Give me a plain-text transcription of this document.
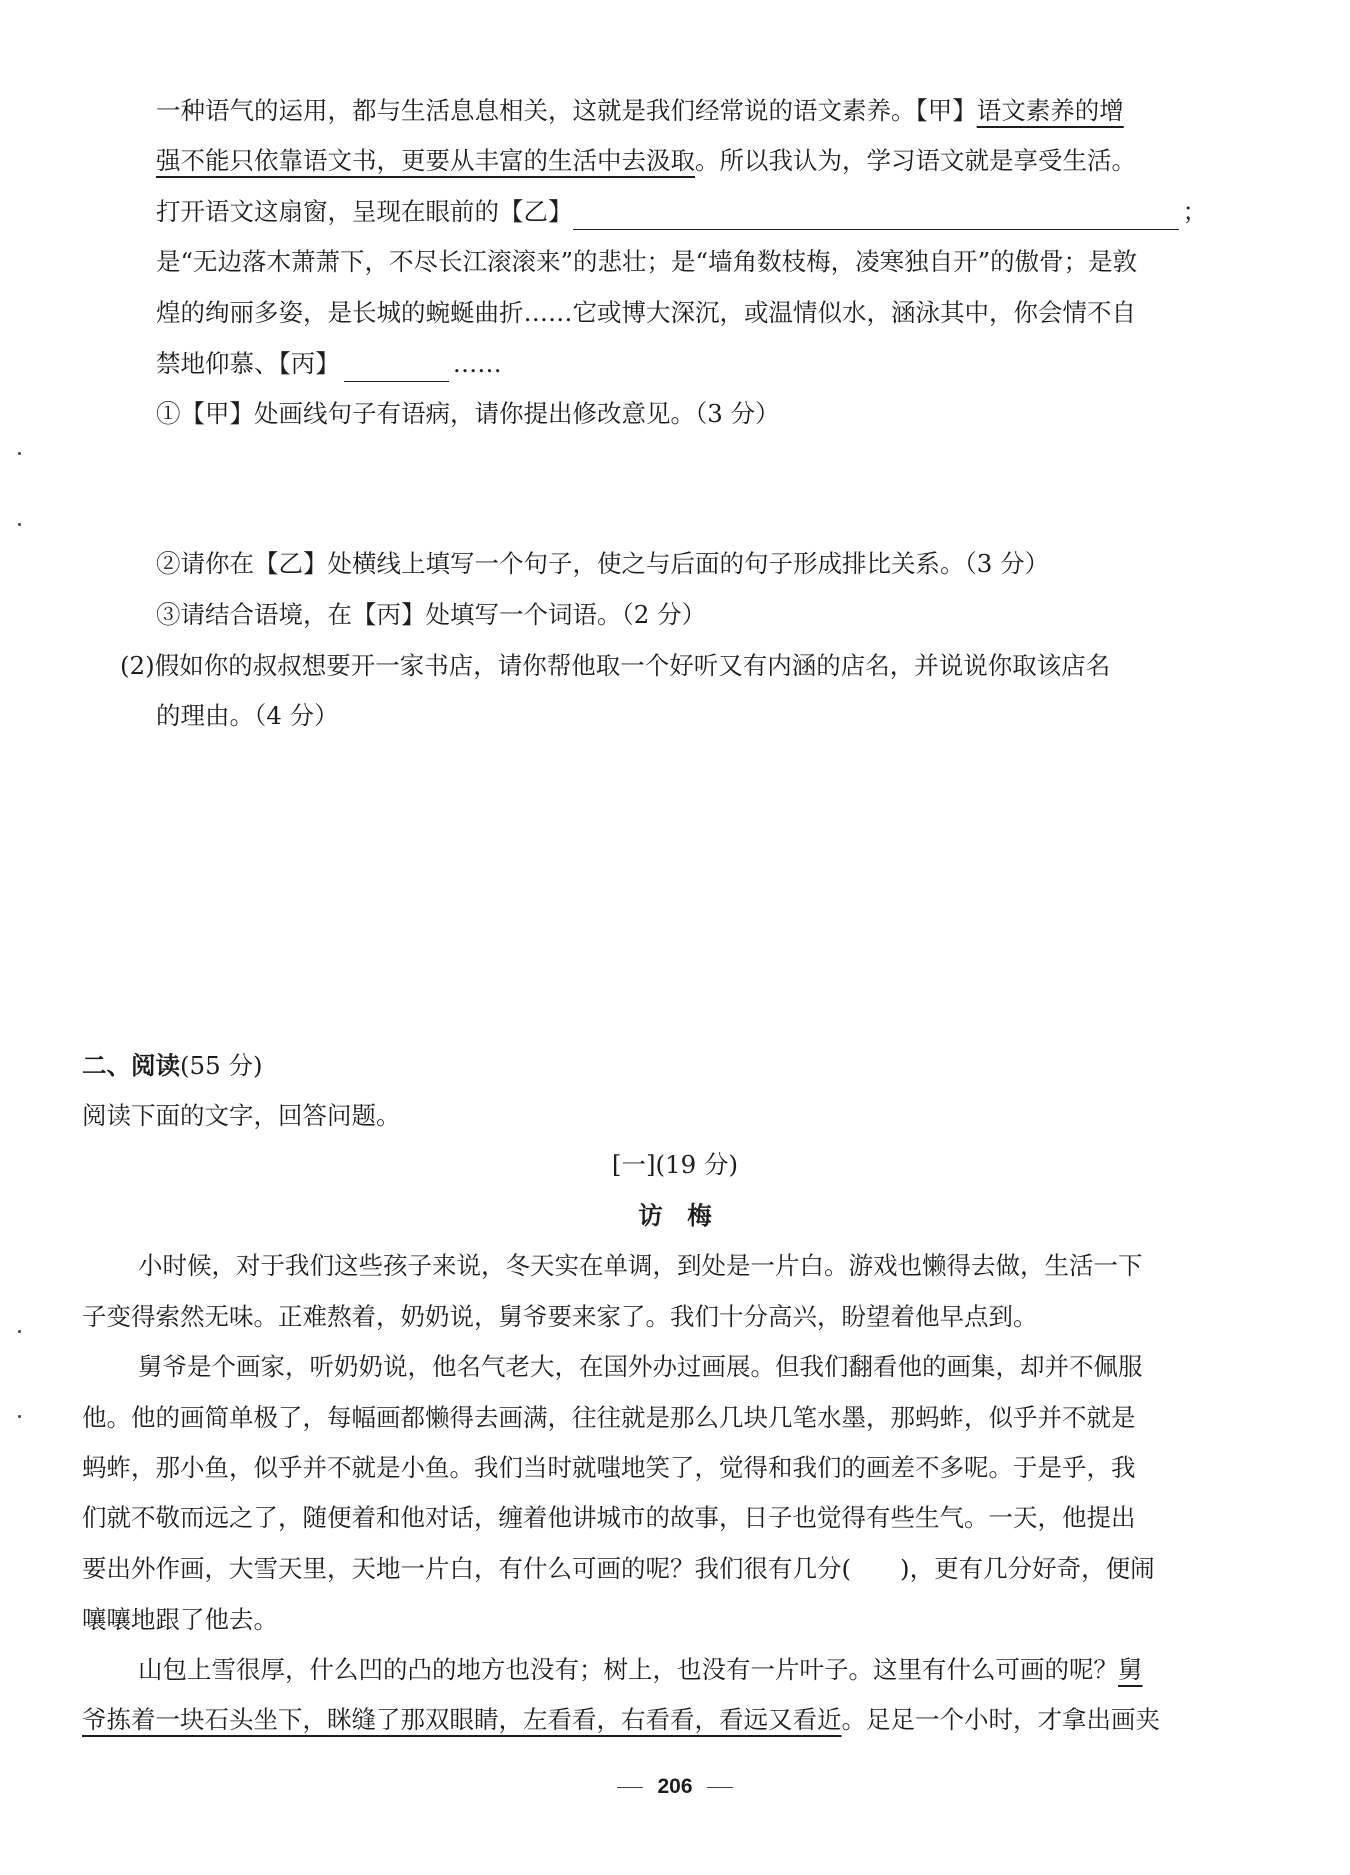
一种语气的运用，都与生活息息相关，这就是我们经常说的语文素养。【甲】语文素养的增
强不能只依靠语文书，更要从丰富的生活中去汲取。所以我认为，学习语文就是享受生活。
打开语文这扇窗，呈现在眼前的【乙】	；
是“无边落木萧萧下，不尽长江滚滚来”的悲壮；是“墙角数枝梅，凌寒独自开”的傲骨；是敦
煌的绚丽多姿，是长城的蜿蜒曲折……它或博大深沉，或温情似水，涵泳其中，你会情不自
禁地仰慕、【丙】	……
①【甲】处画线句子有语病，请你提出修改意见。（3 分）
②请你在【乙】处横线上填写一个句子，使之与后面的句子形成排比关系。（3 分）
③请结合语境，在【丙】处填写一个词语。（2 分）
(2)假如你的叔叔想要开一家书店，请你帮他取一个好听又有内涵的店名，并说说你取该店名
的理由。（4 分）
二、阅读(55 分)
阅读下面的文字，回答问题。
[一](19 分)
访　梅
小时候，对于我们这些孩子来说，冬天实在单调，到处是一片白。游戏也懒得去做，生活一下
子变得索然无味。正难熬着，奶奶说，舅爷要来家了。我们十分高兴，盼望着他早点到。
舅爷是个画家，听奶奶说，他名气老大，在国外办过画展。但我们翻看他的画集，却并不佩服
他。他的画简单极了，每幅画都懒得去画满，往往就是那么几块几笔水墨，那蚂蚱，似乎并不就是
蚂蚱，那小鱼，似乎并不就是小鱼。我们当时就嗤地笑了，觉得和我们的画差不多呢。于是乎，我
们就不敬而远之了，随便着和他对话，缠着他讲城市的故事，日子也觉得有些生气。一天，他提出
要出外作画，大雪天里，天地一片白，有什么可画的呢？我们很有几分(　　)，更有几分好奇，便闹
嚷嚷地跟了他去。
山包上雪很厚，什么凹的凸的地方也没有；树上，也没有一片叶子。这里有什么可画的呢？舅
爷拣着一块石头坐下，眯缝了那双眼睛，左看看，右看看，看远又看近。足足一个小时，才拿出画夹
206
